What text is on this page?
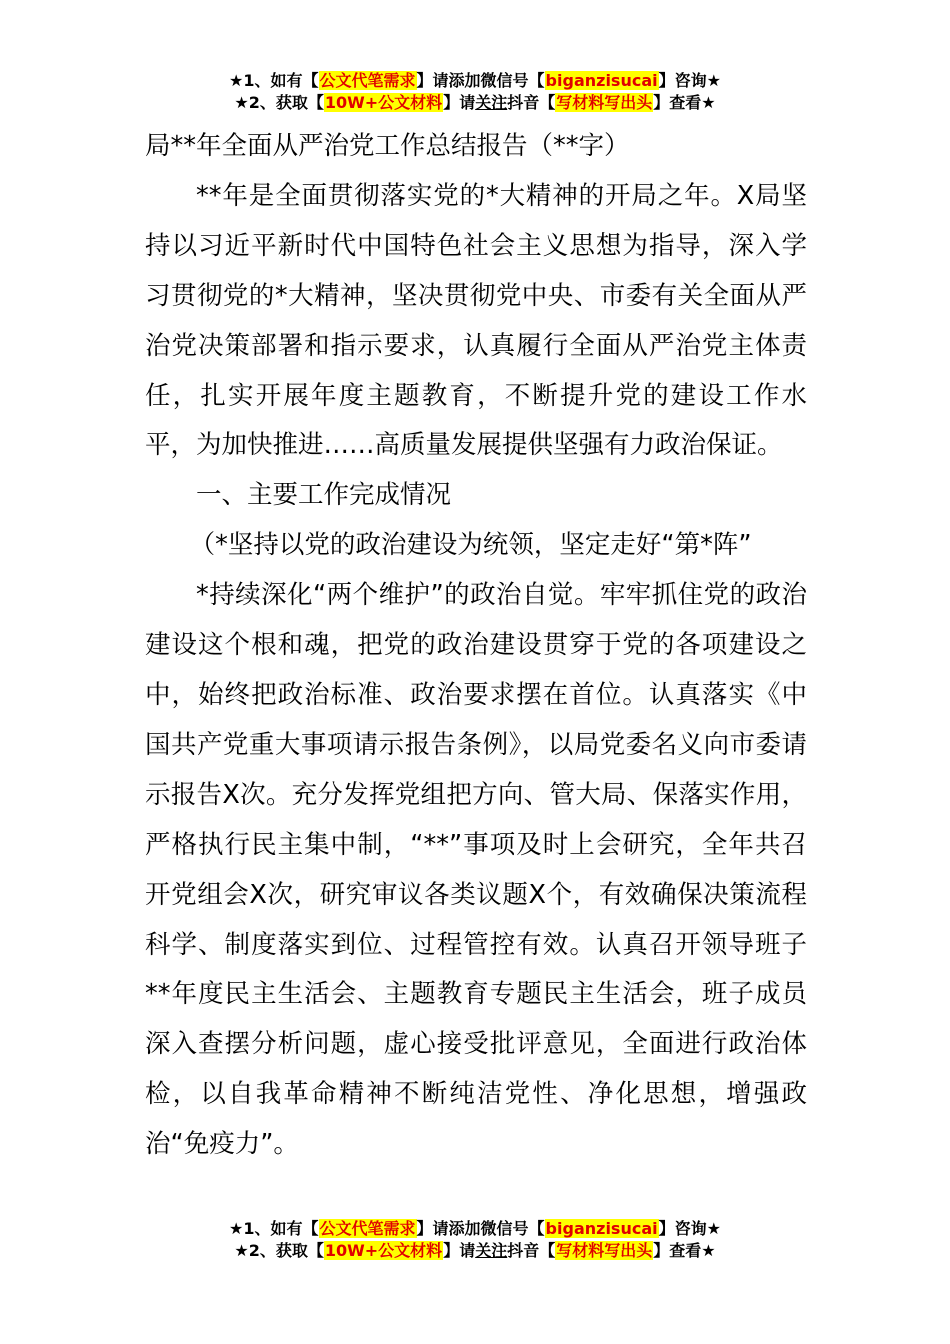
★1、如有【公文代笔需求】请添加微信号【biganzisucai】咨询★
★2、获取【10W+公文材料】请关注抖音【写材料写出头】查看★

局**年全面从严治党工作总结报告（**字）

**年是全面贯彻落实党的*大精神的开局之年。X局坚持以习近平新时代中国特色社会主义思想为指导，深入学习贯彻党的*大精神，坚决贯彻党中央、市委有关全面从严治党决策部署和指示要求，认真履行全面从严治党主体责任，扎实开展年度主题教育，不断提升党的建设工作水平，为加快推进……高质量发展提供坚强有力政治保证。

一、主要工作完成情况

（*坚持以党的政治建设为统领，坚定走好“第*阵”

*持续深化“两个维护”的政治自觉。牢牢抓住党的政治建设这个根和魂，把党的政治建设贯穿于党的各项建设之中，始终把政治标准、政治要求摆在首位。认真落实《中国共产党重大事项请示报告条例》，以局党委名义向市委请示报告X次。充分发挥党组把方向、管大局、保落实作用，严格执行民主集中制，“**”事项及时上会研究，全年共召开党组会X次，研究审议各类议题X个，有效确保决策流程科学、制度落实到位、过程管控有效。认真召开领导班子**年度民主生活会、主题教育专题民主生活会，班子成员深入查摆分析问题，虚心接受批评意见，全面进行政治体检，以自我革命精神不断纯洁党性、净化思想，增强政治“免疫力”。

★1、如有【公文代笔需求】请添加微信号【biganzisucai】咨询★
★2、获取【10W+公文材料】请关注抖音【写材料写出头】查看★
